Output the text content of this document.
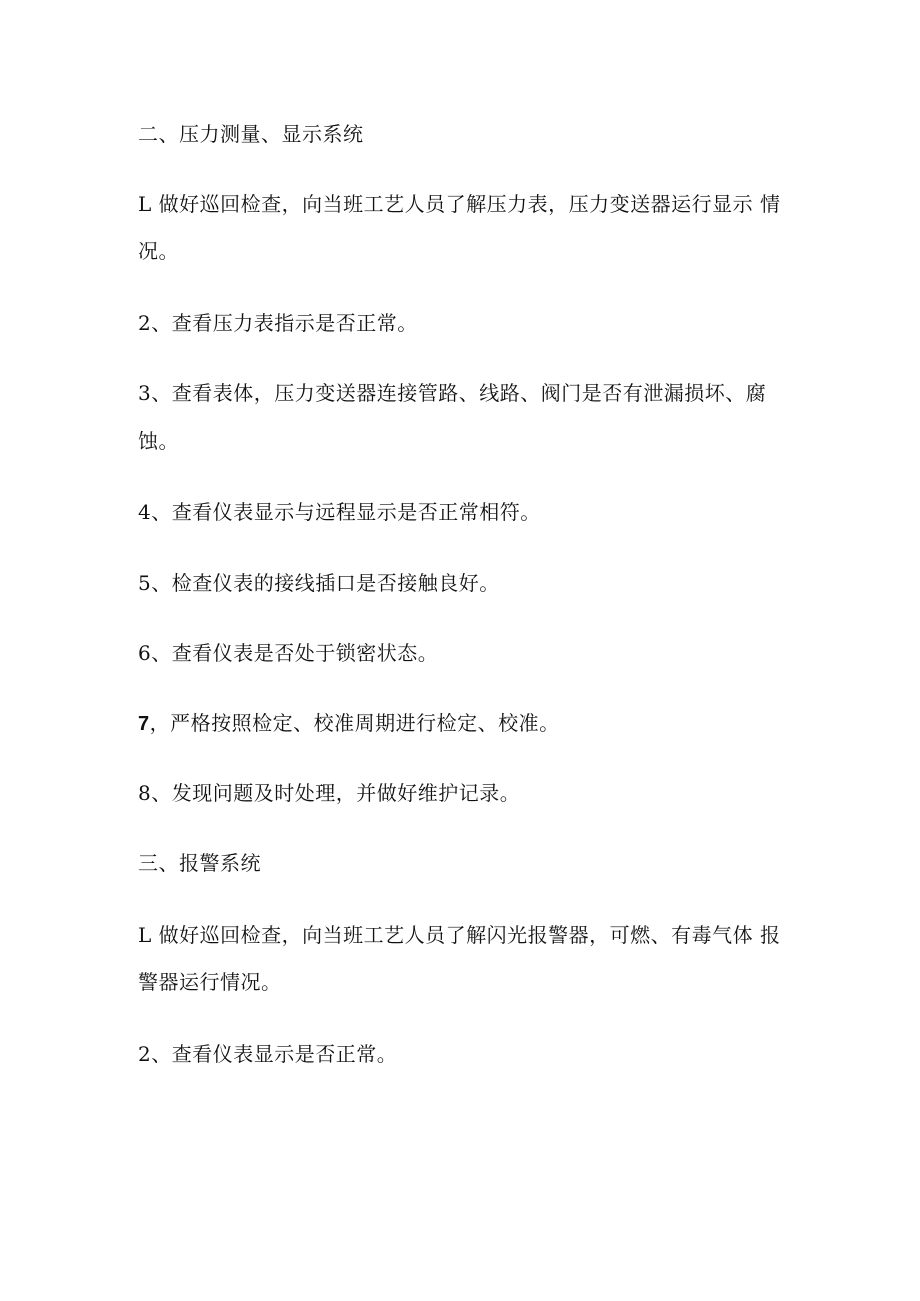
二、压力测量、显示系统
L 做好巡回检查，向当班工艺人员了解压力表，压力变送器运行显示 情
况。
2、查看压力表指示是否正常。
3、查看表体，压力变送器连接管路、线路、阀门是否有泄漏损坏、腐
蚀。
4、查看仪表显示与远程显示是否正常相符。
5、检查仪表的接线插口是否接触良好。
6、查看仪表是否处于锁密状态。
7，严格按照检定、校准周期进行检定、校准。
8、发现问题及时处理，并做好维护记录。
三、报警系统
L 做好巡回检查，向当班工艺人员了解闪光报警器，可燃、有毒气体 报
警器运行情况。
2、查看仪表显示是否正常。
